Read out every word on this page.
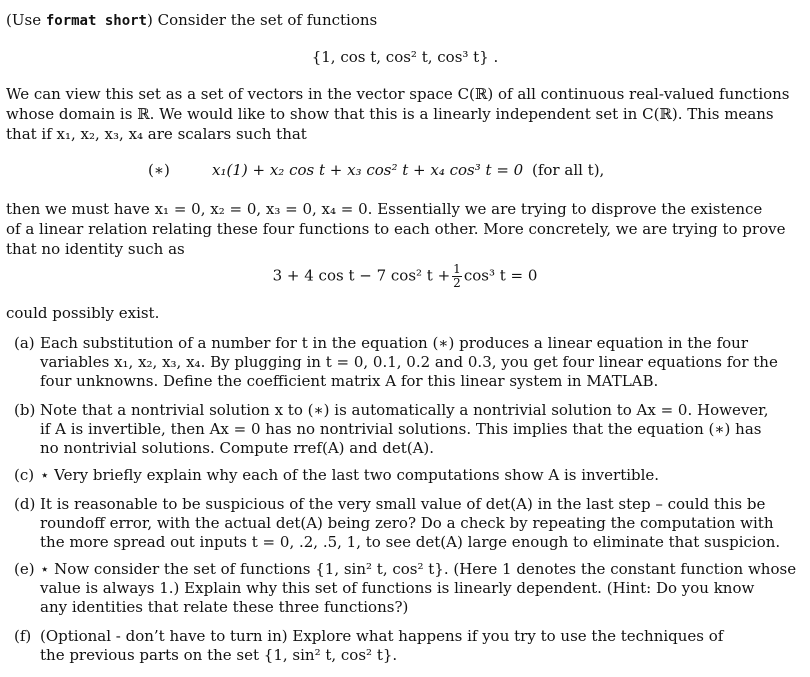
(Use format short) Consider the set of functions
{1, cos t, cos² t, cos³ t} .
We can view this set as a set of vectors in the vector space C(ℝ) of all continuous real-valued functions
whose domain is ℝ. We would like to show that this is a linearly independent set in C(ℝ). This means
that if x₁, x₂, x₃, x₄ are scalars such that
(∗)	x₁(1) + x₂ cos t + x₃ cos² t + x₄ cos³ t = 0 (for all t),
then we must have x₁ = 0, x₂ = 0, x₃ = 0, x₄ = 0. Essentially we are trying to disprove the existence
of a linear relation relating these four functions to each other. More concretely, we are trying to prove
that no identity such as
3 + 4 cos t − 7 cos² $t + \frac{1}{2} \cos^3$ t = 0
could possibly exist.
(a) Each substitution of a number for t in the equation (∗) produces a linear equation in the four
variables x₁, x₂, x₃, x₄. By plugging in t = 0, 0.1, 0.2 and 0.3, you get four linear equations for the
four unknowns. Define the coefficient matrix A for this linear system in MATLAB.
(b) Note that a nontrivial solution x to (∗) is automatically a nontrivial solution to Ax = 0. However,
if A is invertible, then Ax = 0 has no nontrivial solutions. This implies that the equation (∗) has
no nontrivial solutions. Compute rref(A) and det(A).
(c) ⋆ Very briefly explain why each of the last two computations show A is invertible.
(d) It is reasonable to be suspicious of the very small value of det(A) in the last step – could this be
roundoff error, with the actual det(A) being zero? Do a check by repeating the computation with
the more spread out inputs t = 0, .2, .5, 1, to see det(A) large enough to eliminate that suspicion.
(e) ⋆ Now consider the set of functions {1, sin² t, cos² t}. (Here 1 denotes the constant function whose
value is always 1.) Explain why this set of functions is linearly dependent. (Hint: Do you know
any identities that relate these three functions?)
(f) (Optional - don’t have to turn in) Explore what happens if you try to use the techniques of
the previous parts on the set {1, sin² t, cos² t}.
